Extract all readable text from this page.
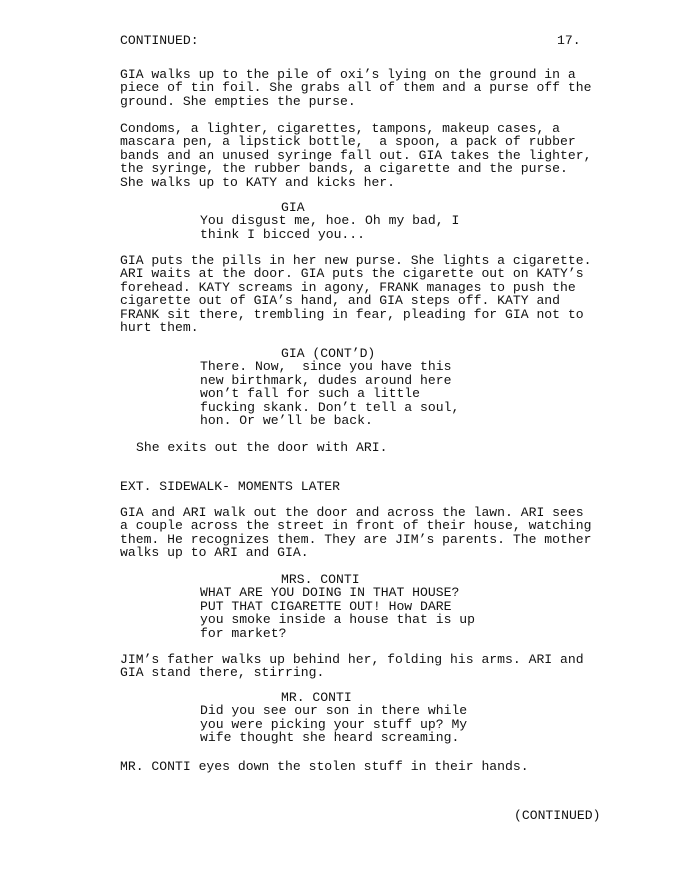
CONTINUED:	17.
GIA walks up to the pile of oxi’s lying on the ground in a
piece of tin foil. She grabs all of them and a purse off the
ground. She empties the purse.
Condoms, a lighter, cigarettes, tampons, makeup cases, a
mascara pen, a lipstick bottle,  a spoon, a pack of rubber
bands and an unused syringe fall out. GIA takes the lighter,
the syringe, the rubber bands, a cigarette and the purse.
She walks up to KATY and kicks her.
GIA
You disgust me, hoe. Oh my bad, I
think I bicced you...
GIA puts the pills in her new purse. She lights a cigarette.
ARI waits at the door. GIA puts the cigarette out on KATY’s
forehead. KATY screams in agony, FRANK manages to push the
cigarette out of GIA’s hand, and GIA steps off. KATY and
FRANK sit there, trembling in fear, pleading for GIA not to
hurt them.
GIA (CONT’D)
There. Now,  since you have this
new birthmark, dudes around here
won’t fall for such a little
fucking skank. Don’t tell a soul,
hon. Or we’ll be back.
She exits out the door with ARI.
EXT. SIDEWALK- MOMENTS LATER
GIA and ARI walk out the door and across the lawn. ARI sees
a couple across the street in front of their house, watching
them. He recognizes them. They are JIM’s parents. The mother
walks up to ARI and GIA.
MRS. CONTI
WHAT ARE YOU DOING IN THAT HOUSE?
PUT THAT CIGARETTE OUT! How DARE
you smoke inside a house that is up
for market?
JIM’s father walks up behind her, folding his arms. ARI and
GIA stand there, stirring.
MR. CONTI
Did you see our son in there while
you were picking your stuff up? My
wife thought she heard screaming.
MR. CONTI eyes down the stolen stuff in their hands.
(CONTINUED)
